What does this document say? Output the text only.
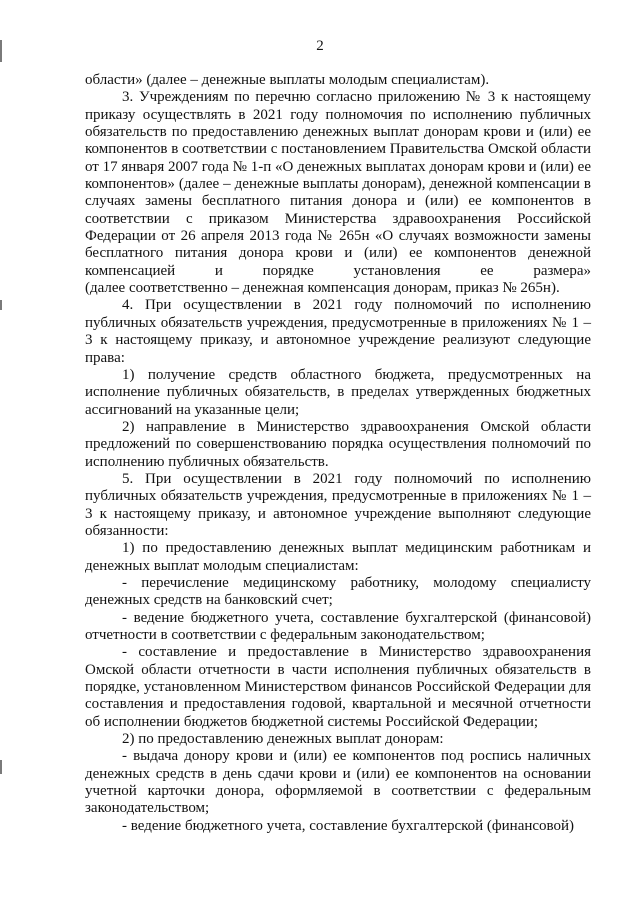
2

области» (далее – денежные выплаты молодым специалистам).

3. Учреждениям по перечню согласно приложению № 3 к настоящему приказу осуществлять в 2021 году полномочия по исполнению публичных обязательств по предоставлению денежных выплат донорам крови и (или) ее компонентов в соответствии с постановлением Правительства Омской области от 17 января 2007 года № 1-п «О денежных выплатах донорам крови и (или) ее компонентов» (далее – денежные выплаты донорам), денежной компенсации в случаях замены бесплатного питания донора и (или) ее компонентов в соответствии с приказом Министерства здравоохранения Российской Федерации от 26 апреля 2013 года № 265н «О случаях возможности замены бесплатного питания донора крови и (или) ее компонентов денежной компенсацией и порядке установления ее размера»

(далее соответственно – денежная компенсация донорам, приказ № 265н).

4. При осуществлении в 2021 году полномочий по исполнению публичных обязательств учреждения, предусмотренные в приложениях № 1 – 3 к настоящему приказу, и автономное учреждение реализуют следующие права:

1) получение средств областного бюджета, предусмотренных на исполнение публичных обязательств, в пределах утвержденных бюджетных ассигнований на указанные цели;

2) направление в Министерство здравоохранения Омской области предложений по совершенствованию порядка осуществления полномочий по исполнению публичных обязательств.

5. При осуществлении в 2021 году полномочий по исполнению публичных обязательств учреждения, предусмотренные в приложениях № 1 – 3 к настоящему приказу, и автономное учреждение выполняют следующие обязанности:

1) по предоставлению денежных выплат медицинским работникам и денежных выплат молодым специалистам:

- перечисление медицинскому работнику, молодому специалисту денежных средств на банковский счет;

- ведение бюджетного учета, составление бухгалтерской (финансовой) отчетности в соответствии с федеральным законодательством;

- составление и предоставление в Министерство здравоохранения Омской области отчетности в части исполнения публичных обязательств в порядке, установленном Министерством финансов Российской Федерации для составления и предоставления годовой, квартальной и месячной отчетности об исполнении бюджетов бюджетной системы Российской Федерации;

2) по предоставлению денежных выплат донорам:

- выдача донору крови и (или) ее компонентов под роспись наличных денежных средств в день сдачи крови и (или) ее компонентов на основании учетной карточки донора, оформляемой в соответствии с федеральным законодательством;

- ведение бюджетного учета, составление бухгалтерской (финансовой)
